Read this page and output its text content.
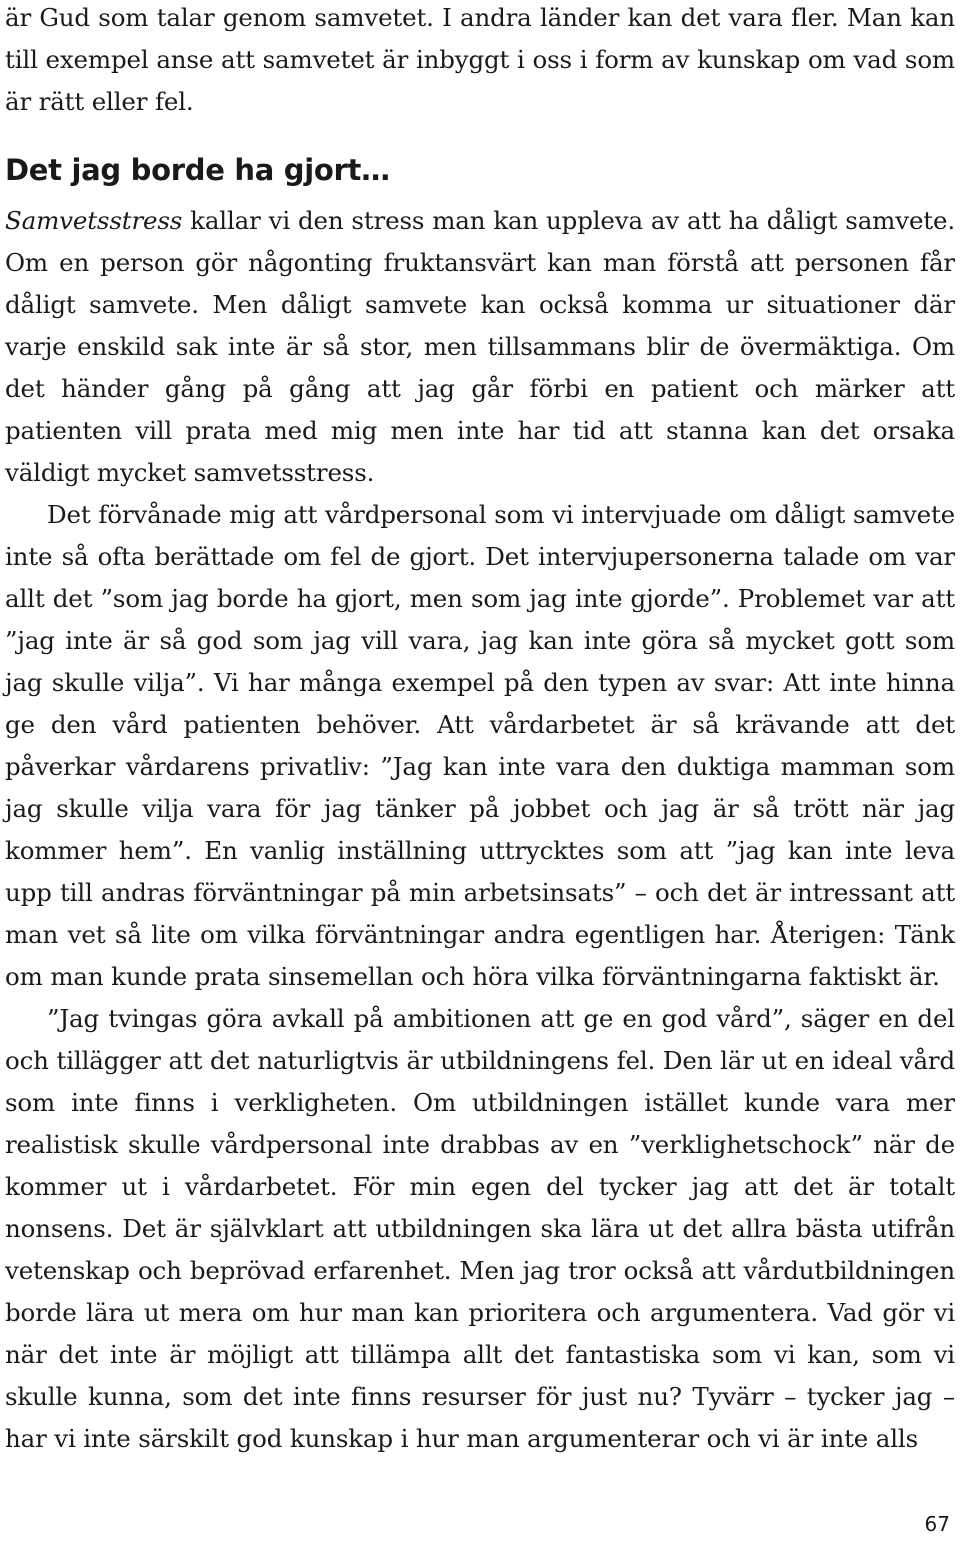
är Gud som talar genom samvetet. I andra länder kan det vara fler. Man kan till exempel anse att samvetet är inbyggt i oss i form av kunskap om vad som är rätt eller fel.

Det jag borde ha gjort…

Samvetsstress kallar vi den stress man kan uppleva av att ha dåligt samvete. Om en person gör någonting fruktansvärt kan man förstå att personen får dåligt samvete. Men dåligt samvete kan också komma ur situationer där varje enskild sak inte är så stor, men tillsammans blir de övermäktiga. Om det händer gång på gång att jag går förbi en patient och märker att patienten vill prata med mig men inte har tid att stanna kan det orsaka väldigt mycket samvetsstress.

Det förvånade mig att vårdpersonal som vi intervjuade om dåligt samvete inte så ofta berättade om fel de gjort. Det intervjupersonerna talade om var allt det ”som jag borde ha gjort, men som jag inte gjorde”. Problemet var att ”jag inte är så god som jag vill vara, jag kan inte göra så mycket gott som jag skulle vilja”. Vi har många exempel på den typen av svar: Att inte hinna ge den vård patienten behöver. Att vårdarbetet är så krävande att det påverkar vårdarens privatliv: ”Jag kan inte vara den duktiga mamman som jag skulle vilja vara för jag tänker på jobbet och jag är så trött när jag kommer hem”. En vanlig inställning uttrycktes som att ”jag kan inte leva upp till andras förväntningar på min arbetsinsats” – och det är intressant att man vet så lite om vilka förväntningar andra egentligen har. Återigen: Tänk om man kunde prata sinsemellan och höra vilka förväntningarna faktiskt är.

”Jag tvingas göra avkall på ambitionen att ge en god vård”, säger en del och tillägger att det naturligtvis är utbildningens fel. Den lär ut en ideal vård som inte finns i verkligheten. Om utbildningen istället kunde vara mer realistisk skulle vårdpersonal inte drabbas av en ”verklighetschock” när de kommer ut i vårdarbetet. För min egen del tycker jag att det är totalt nonsens. Det är självklart att utbildningen ska lära ut det allra bästa utifrån vetenskap och beprövad erfarenhet. Men jag tror också att vårdutbildningen borde lära ut mera om hur man kan prioritera och argumentera. Vad gör vi när det inte är möjligt att tillämpa allt det fantastiska som vi kan, som vi skulle kunna, som det inte finns resurser för just nu? Tyvärr – tycker jag – har vi inte särskilt god kunskap i hur man argumenterar och vi är inte alls

67
